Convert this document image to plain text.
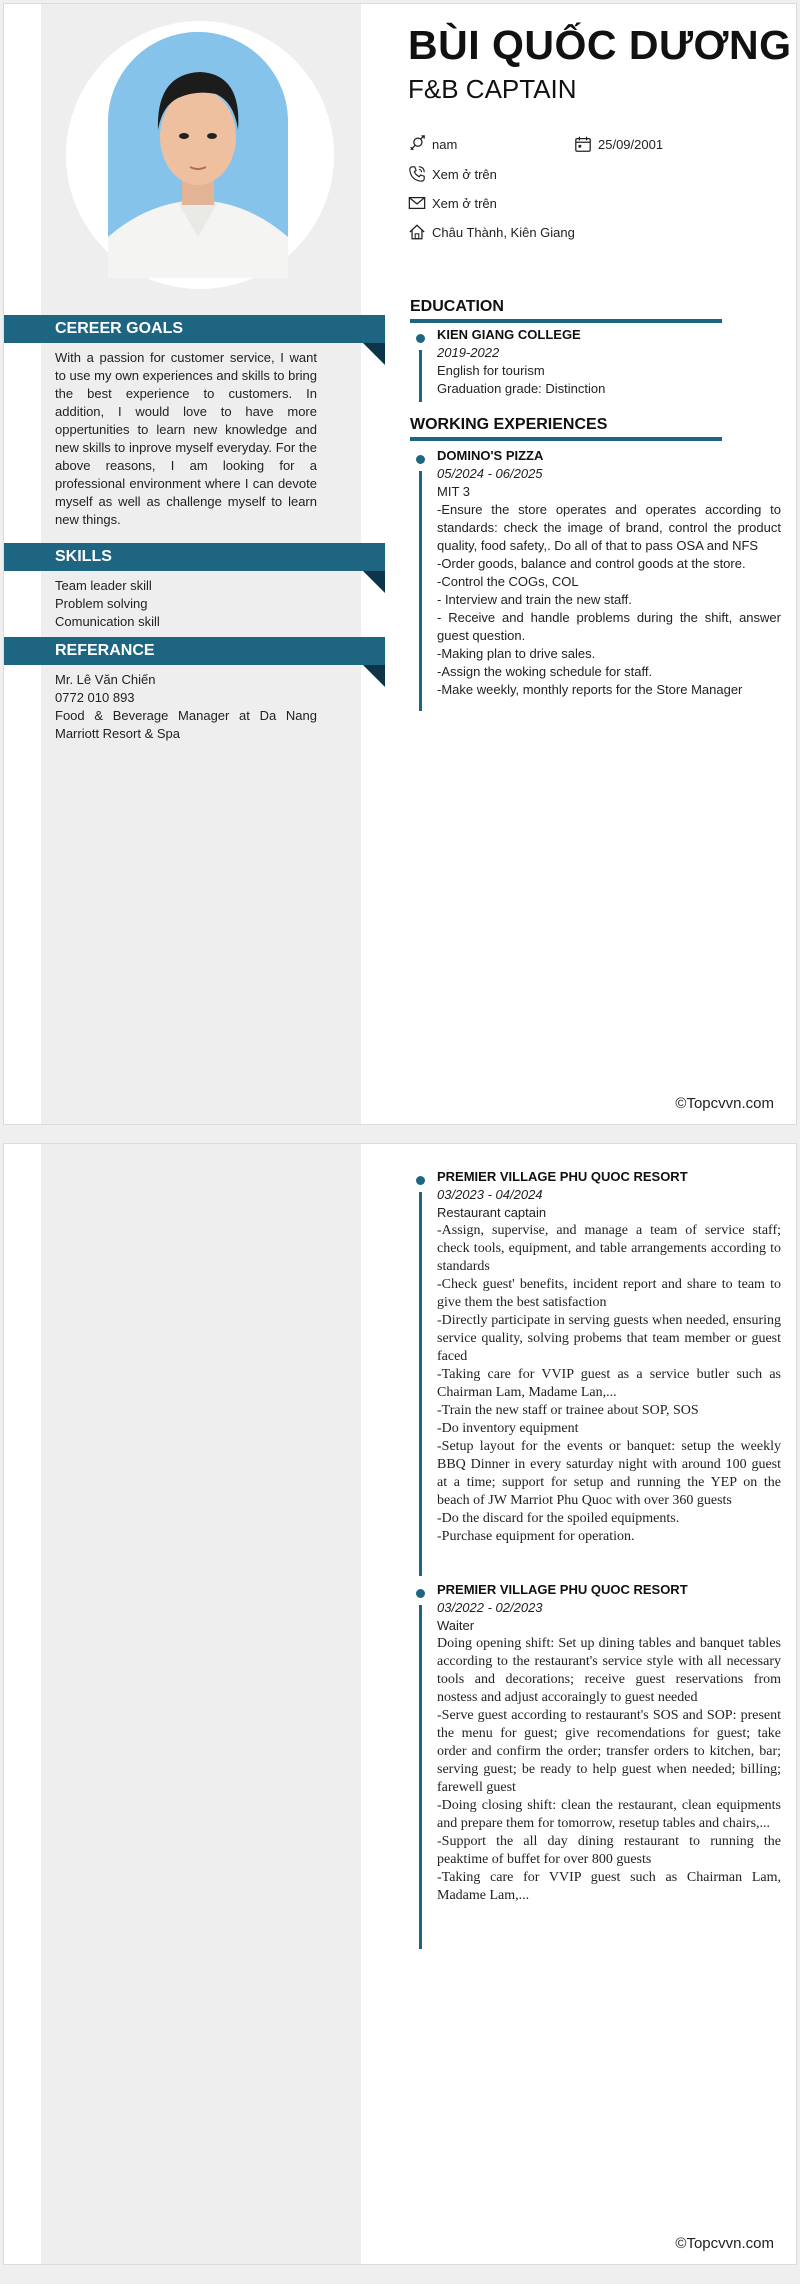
BÙI QUỐC DƯƠNG
F&B CAPTAIN
nam	25/09/2001
Xem ở trên
Xem ở trên
Châu Thành, Kiên Giang
CEREER GOALS
With a passion for customer service, I want to use my own experiences and skills to bring the best experience to customers. In addition, I would love to have more oppertunities to learn new knowledge and new skills to inprove myself everyday. For the above reasons, I am looking for a professional environment where I can devote myself as well as challenge myself to learn new things.
SKILLS
Team leader skill
Problem solving
Comunication skill
REFERANCE
Mr. Lê Văn Chiến
0772 010 893
Food & Beverage Manager at Da Nang Marriott Resort & Spa
EDUCATION
KIEN GIANG COLLEGE
2019-2022
English for tourism
Graduation grade: Distinction
WORKING EXPERIENCES
DOMINO'S PIZZA
05/2024 - 06/2025
MIT 3

-Ensure the store operates and operates according to standards: check the image of brand, control the product quality, food safety,. Do all of that to pass OSA and NFS

-Order goods, balance and control goods at the store.

-Control the COGs, COL

- Interview and train the new staff.

- Receive and handle problems during the shift, answer guest question.

-Making plan to drive sales.

-Assign the woking schedule for staff.

-Make weekly, monthly reports for the Store Manager

©Topcvvn.com
PREMIER VILLAGE PHU QUOC RESORT
03/2023 - 04/2024
Restaurant captain

-Assign, supervise, and manage a team of service staff; check tools, equipment, and table arrangements according to standards

-Check guest' benefits, incident report and share to team to give them the best satisfaction

-Directly participate in serving guests when needed, ensuring service quality, solving probems that team member or guest faced

-Taking care for VVIP guest as a service butler such as Chairman Lam, Madame Lan,...

-Train the new staff or trainee about SOP, SOS

-Do inventory equipment

-Setup layout for the events or banquet: setup the weekly BBQ Dinner in every saturday night with around 100 guest at a time; support for setup and running the YEP on the beach of JW Marriot Phu Quoc with over 360 guests

-Do the discard for the spoiled equipments.

-Purchase equipment for operation.

PREMIER VILLAGE PHU QUOC RESORT
03/2022 - 02/2023
Waiter

Doing opening shift: Set up dining tables and banquet tables according to the restaurant's service style with all necessary tools and decorations; receive guest reservations from nostess and adjust accoraingly to guest needed

-Serve guest according to restaurant's SOS and SOP: present the menu for guest; give recomendations for guest; take order and confirm the order; transfer orders to kitchen, bar; serving guest; be ready to help guest when needed; billing; farewell guest

-Doing closing shift: clean the restaurant, clean equipments and prepare them for tomorrow, resetup tables and chairs,...

-Support the all day dining restaurant to running the peaktime of buffet for over 800 guests

-Taking care for VVIP guest such as Chairman Lam, Madame Lam,...

©Topcvvn.com
